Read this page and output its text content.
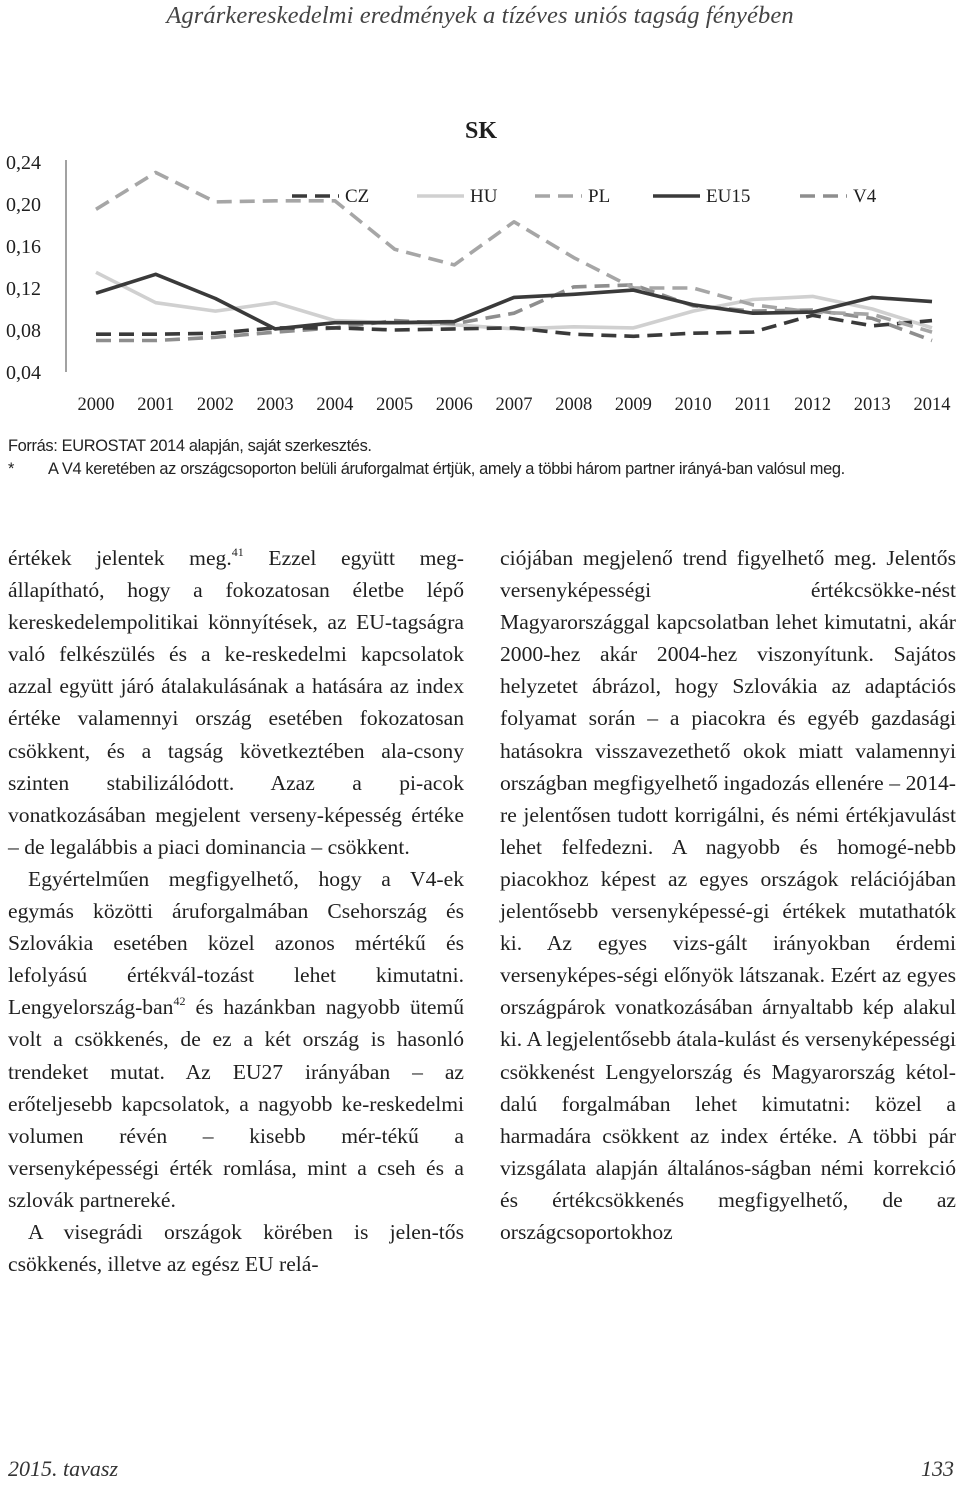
Agrárkereskedelmi eredmények a tízéves uniós tagság fényében
SK
0,24
0,20
0,16
0,12
0,08
0,04
2000 2001 2002 2003 2004 2005 2006 2007 2008 2009 2010 2011 2012 2013 2014
CZ	HU	PL	EU15	V4

Forrás: EUROSTAT 2014 alapján, saját szerkesztés.

*	A V4 keretében az országcsoporton belüli áruforgalmat értjük, amely a többi három partner irányá-ban valósul meg.

értékek jelentek meg.$^{41}$ Ezzel együtt meg-állapítható, hogy a fokozatosan életbe lépő kereskedelempolitikai könnyítések, az EU-tagságra való felkészülés és a ke-reskedelmi kapcsolatok azzal együtt járó átalakulásának a hatására az index értéke valamennyi ország esetében fokozatosan csökkent, és a tagság következtében ala-csony szinten stabilizálódott. Azaz a pi-acok vonatkozásában megjelent verseny-képesség értéke – de legalábbis a piaci dominancia – csökkent.

Egyértelműen megfigyelhető, hogy a V4-ek egymás közötti áruforgalmában Csehország és Szlovákia esetében közel azonos mértékű és lefolyású értékvál-tozást lehet kimutatni. Lengyelország-ban$^{42}$ és hazánkban nagyobb ütemű volt a csökkenés, de ez a két ország is hasonló trendeket mutat. Az EU27 irányában – az erőteljesebb kapcsolatok, a nagyobb ke-reskedelmi volumen révén – kisebb mér-tékű a versenyképességi érték romlása, mint a cseh és a szlovák partnereké.

A visegrádi országok körében is jelen-tős csökkenés, illetve az egész EU relá-

ciójában megjelenő trend figyelhető meg. Jelentős versenyképességi értékcsökke-nést Magyarországgal kapcsolatban lehet kimutatni, akár 2000-hez akár 2004-hez viszonyítunk. Sajátos helyzetet ábrázol, hogy Szlovákia az adaptációs folyamat során – a piacokra és egyéb gazdasági hatásokra visszavezethető okok miatt valamennyi országban megfigyelhető ingadozás ellenére – 2014-re jelentősen tudott korrigálni, és némi értékjavulást lehet felfedezni. A nagyobb és homogé-nebb piacokhoz képest az egyes országok relációjában jelentősebb versenyképessé-gi értékek mutathatók ki. Az egyes vizs-gált irányokban érdemi versenyképes-ségi előnyök látszanak. Ezért az egyes országpárok vonatkozásában árnyaltabb kép alakul ki. A legjelentősebb átala-kulást és versenyképességi csökkenést Lengyelország és Magyarország kétol-dalú forgalmában lehet kimutatni: közel a harmadára csökkent az index értéke. A többi pár vizsgálata alapján általános-ságban némi korrekció és értékcsökkenés megfigyelhető, de az országcsoportokhoz

2015. tavasz	133
